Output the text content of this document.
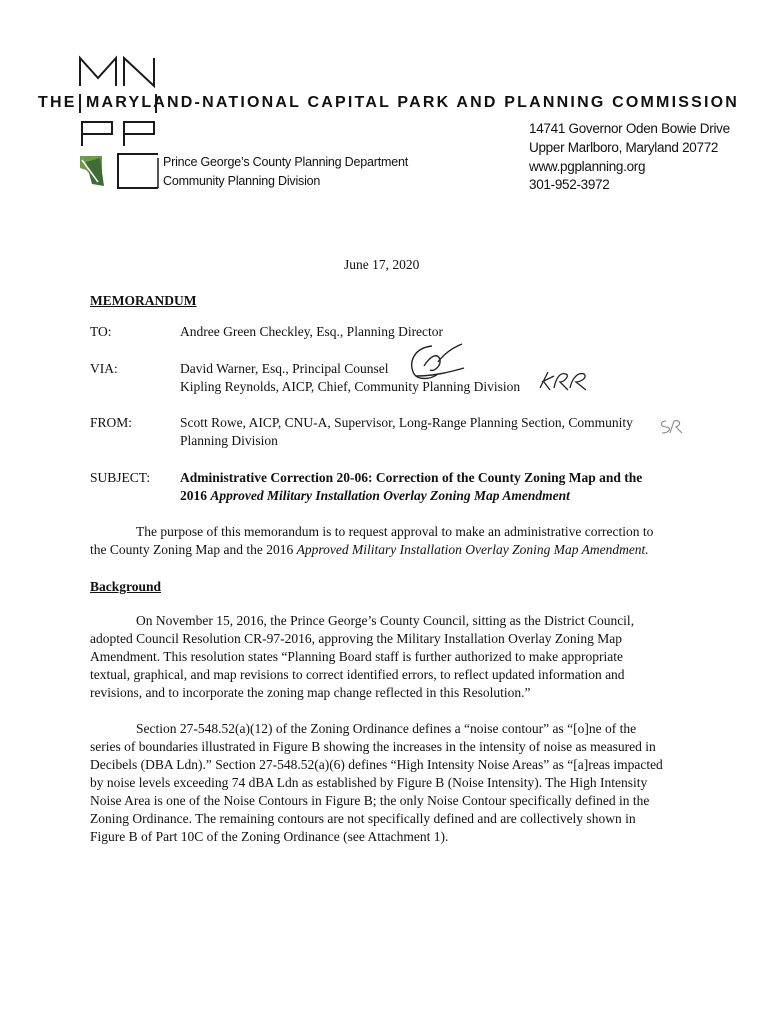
THE MARYLAND-NATIONAL CAPITAL PARK AND PLANNING COMMISSION
Prince George’s County Planning Department
Community Planning Division
14741 Governor Oden Bowie Drive
Upper Marlboro, Maryland 20772
www.pgplanning.org
301-952-3972
June 17, 2020
MEMORANDUM
TO:	Andree Green Checkley, Esq., Planning Director
VIA:	David Warner, Esq., Principal Counsel
Kipling Reynolds, AICP, Chief, Community Planning Division
FROM:	Scott Rowe, AICP, CNU-A, Supervisor, Long-Range Planning Section, Community
Planning Division
SUBJECT: Administrative Correction 20-06: Correction of the County Zoning Map and the
2016 Approved Military Installation Overlay Zoning Map Amendment
The purpose of this memorandum is to request approval to make an administrative correction to
the County Zoning Map and the 2016 Approved Military Installation Overlay Zoning Map Amendment.
Background
On November 15, 2016, the Prince George’s County Council, sitting as the District Council,
adopted Council Resolution CR-97-2016, approving the Military Installation Overlay Zoning Map
Amendment. This resolution states “Planning Board staff is further authorized to make appropriate
textual, graphical, and map revisions to correct identified errors, to reflect updated information and
revisions, and to incorporate the zoning map change reflected in this Resolution.”
Section 27-548.52(a)(12) of the Zoning Ordinance defines a “noise contour” as “[o]ne of the
series of boundaries illustrated in Figure B showing the increases in the intensity of noise as measured in
Decibels (DBA Ldn).” Section 27-548.52(a)(6) defines “High Intensity Noise Areas” as “[a]reas impacted
by noise levels exceeding 74 dBA Ldn as established by Figure B (Noise Intensity). The High Intensity
Noise Area is one of the Noise Contours in Figure B; the only Noise Contour specifically defined in the
Zoning Ordinance. The remaining contours are not specifically defined and are collectively shown in
Figure B of Part 10C of the Zoning Ordinance (see Attachment 1).
